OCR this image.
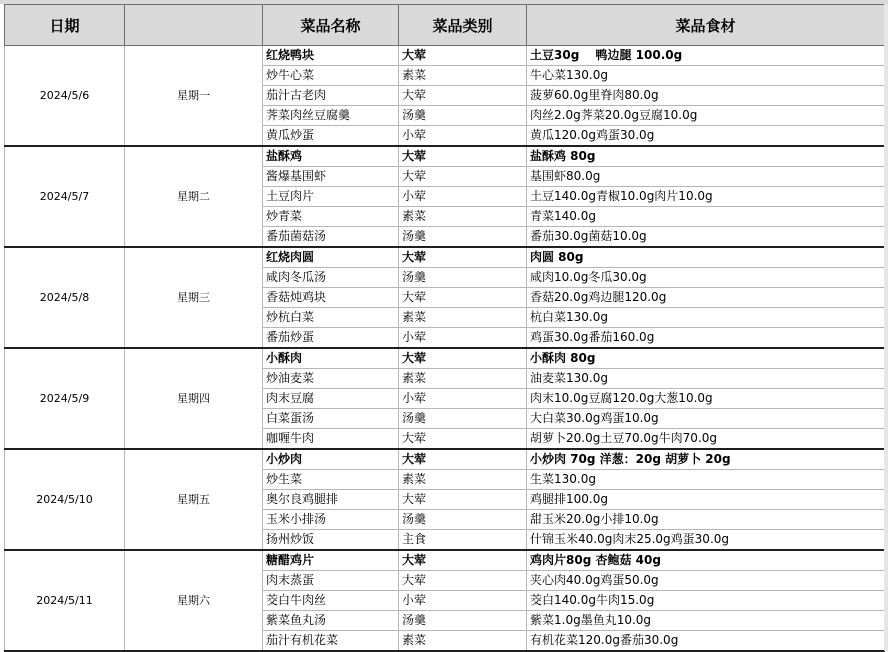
日期		菜品名称	菜品类别	菜品食材
2024/5/6	星期一	红烧鸭块	大荤	土豆30g　 鸭边腿 100.0g
		炒牛心菜	素菜	牛心菜130.0g
		茄汁古老肉	大荤	菠萝60.0g里脊肉80.0g
		荠菜肉丝豆腐羹	汤羹	肉丝2.0g荠菜20.0g豆腐10.0g
		黄瓜炒蛋	小荤	黄瓜120.0g鸡蛋30.0g
2024/5/7	星期二	盐酥鸡	大荤	盐酥鸡 80g
		酱爆基围虾	大荤	基围虾80.0g
		土豆肉片	小荤	土豆140.0g青椒10.0g肉片10.0g
		炒青菜	素菜	青菜140.0g
		番茄菌菇汤	汤羹	番茄30.0g菌菇10.0g
2024/5/8	星期三	红烧肉圆	大荤	肉圆 80g
		咸肉冬瓜汤	汤羹	咸肉10.0g冬瓜30.0g
		香菇炖鸡块	大荤	香菇20.0g鸡边腿120.0g
		炒杭白菜	素菜	杭白菜130.0g
		番茄炒蛋	小荤	鸡蛋30.0g番茄160.0g
2024/5/9	星期四	小酥肉	大荤	小酥肉 80g
		炒油麦菜	素菜	油麦菜130.0g
		肉末豆腐	小荤	肉末10.0g豆腐120.0g大葱10.0g
		白菜蛋汤	汤羹	大白菜30.0g鸡蛋10.0g
		咖喱牛肉	大荤	胡萝卜20.0g土豆70.0g牛肉70.0g
2024/5/10	星期五	小炒肉	大荤	小炒肉 70g 洋葱：20g 胡萝卜 20g
		炒生菜	素菜	生菜130.0g
		奥尔良鸡腿排	大荤	鸡腿排100.0g
		玉米小排汤	汤羹	甜玉米20.0g小排10.0g
		扬州炒饭	主食	什锦玉米40.0g肉末25.0g鸡蛋30.0g
2024/5/11	星期六	糖醋鸡片	大荤	鸡肉片80g 杏鲍菇 40g
		肉末蒸蛋	大荤	夹心肉40.0g鸡蛋50.0g
		茭白牛肉丝	小荤	茭白140.0g牛肉15.0g
		紫菜鱼丸汤	汤羹	紫菜1.0g墨鱼丸10.0g
		茄汁有机花菜	素菜	有机花菜120.0g番茄30.0g
